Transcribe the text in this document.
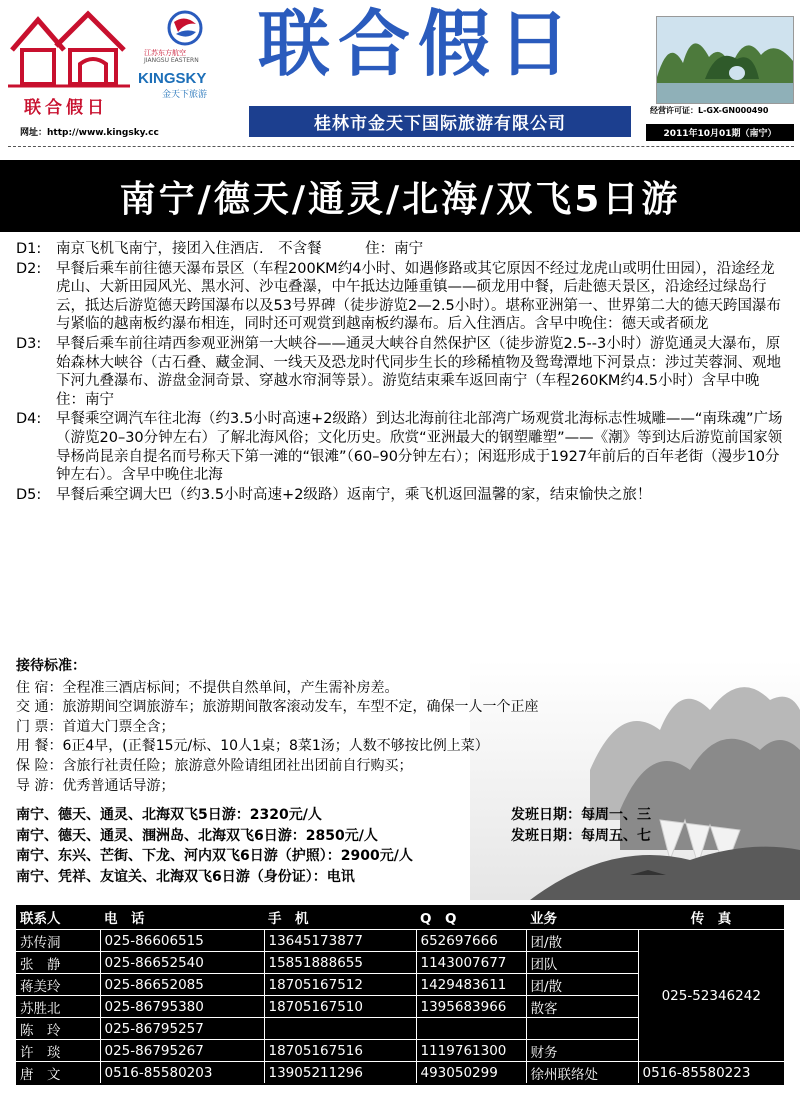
联合假日
网址：http://www.kingsky.cc
江苏东方航空
JIANGSU EASTERN
KINGSKY
金天下旅游
联合假日
桂林市金天下国际旅游有限公司
经营许可证：L-GX-GN000490
2011年10月01期（南宁）
南宁/德天/通灵/北海/双飞5日游
D1: 南京飞机飞南宁，接团入住酒店.　不含餐　　　住：南宁
D2: 早餐后乘车前往德天瀑布景区（车程200KM约4小时、如遇修路或其它原因不经过龙虎山或明仕田园），沿途经龙虎山、大新田园风光、黑水河、沙屯叠瀑，中午抵达边陲重镇——硕龙用中餐，后赴德天景区，沿途经过绿岛行云，抵达后游览德天跨国瀑布以及53号界碑（徒步游览2—2.5小时）。堪称亚洲第一、世界第二大的德天跨国瀑布与紧临的越南板约瀑布相连，同时还可观赏到越南板约瀑布。后入住酒店。含早中晚住：德天或者硕龙
D3: 早餐后乘车前往靖西参观亚洲第一大峡谷——通灵大峡谷自然保护区（徒步游览2.5--3小时）游览通灵大瀑布，原始森林大峡谷（古石叠、藏金洞、一线天及恐龙时代同步生长的珍稀植物及鸳鸯潭地下河景点：涉过芙蓉洞、观地下河九叠瀑布、游盘金洞奇景、穿越水帘洞等景）。游览结束乘车返回南宁（车程260KM约4.5小时）含早中晚住：南宁
D4: 早餐乘空调汽车往北海（约3.5小时高速+2级路）到达北海前往北部湾广场观赏北海标志性城雕——“南珠魂”广场（游览20–30分钟左右）了解北海风俗；文化历史。欣赏“亚洲最大的钢塑雕塑”——《潮》等到达后游览前国家领导杨尚昆亲自提名而号称天下第一滩的“银滩”（60–90分钟左右）；闲逛形成于1927年前后的百年老街（漫步10分钟左右）。含早中晚住北海
D5: 早餐后乘空调大巴（约3.5小时高速+2级路）返南宁，乘飞机返回温馨的家，结束愉快之旅！
接待标准：
住 宿：全程准三酒店标间；不提供自然单间，产生需补房差。
交 通：旅游期间空调旅游车；旅游期间散客滚动发车，车型不定，确保一人一个正座
门 票：首道大门票全含；
用 餐：6正4早，(正餐15元/标、10人1桌；8菜1汤；人数不够按比例上菜）
保 险：含旅行社责任险；旅游意外险请组团社出团前自行购买；
导 游：优秀普通话导游；
南宁、德天、通灵、北海双飞5日游：2320元/人	发班日期：每周一、三
南宁、德天、通灵、涠洲岛、北海双飞6日游：2850元/人	发班日期：每周五、七
南宁、东兴、芒街、下龙、河内双飞6日游（护照）：2900元/人
南宁、凭祥、友谊关、北海双飞6日游（身份证）：电讯
联系人	电　话	手　机	Q　Q	业务	传　真
苏传洞	025-86606515	13645173877	652697666	团/散	025-52346242
张　静	025-86652540	15851888655	1143007677	团队	
蒋美玲	025-86652085	18705167512	1429483611	团/散	
苏胜北	025-86795380	18705167510	1395683966	散客	
陈　玲	025-86795257				
许　琰	025-86795267	18705167516	1119761300	财务	
唐　文	0516-85580203	13905211296	493050299	徐州联络处	0516-85580223
